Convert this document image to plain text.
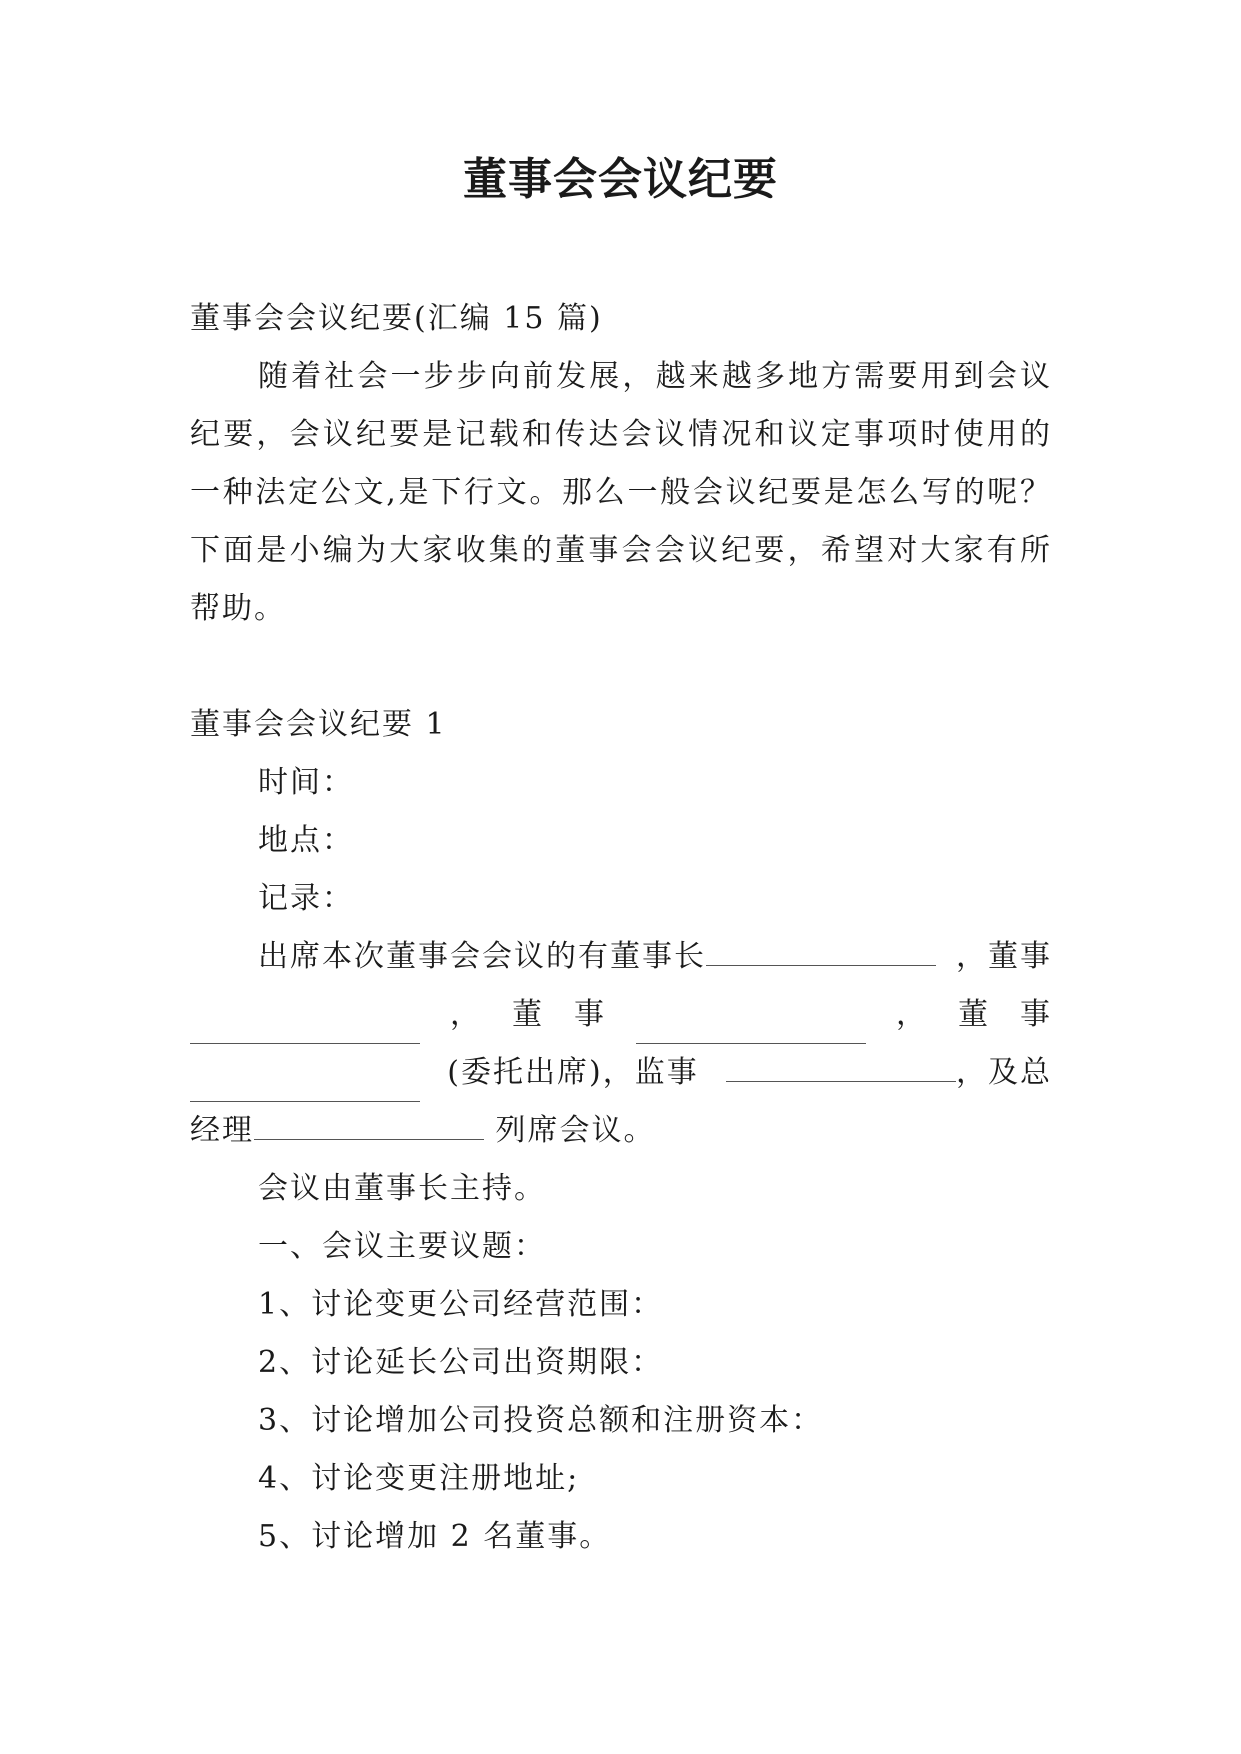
董事会会议纪要
董事会会议纪要(汇编 15 篇)
随着社会一步步向前发展，越来越多地方需要用到会议纪要，会议纪要是记载和传达会议情况和议定事项时使用的一种法定公文,是下行文。那么一般会议纪要是怎么写的呢？下面是小编为大家收集的董事会会议纪要，希望对大家有所帮助。
董事会会议纪要 1
时间：
地点：
记录：
出席本次董事会会议的有董事长	，董事
， 董 事	， 董 事
(委托出席)，监事	，及总
经理	列席会议。
会议由董事长主持。
一、会议主要议题：
1、讨论变更公司经营范围：
2、讨论延长公司出资期限：
3、讨论增加公司投资总额和注册资本：
4、讨论变更注册地址;
5、讨论增加 2 名董事。
